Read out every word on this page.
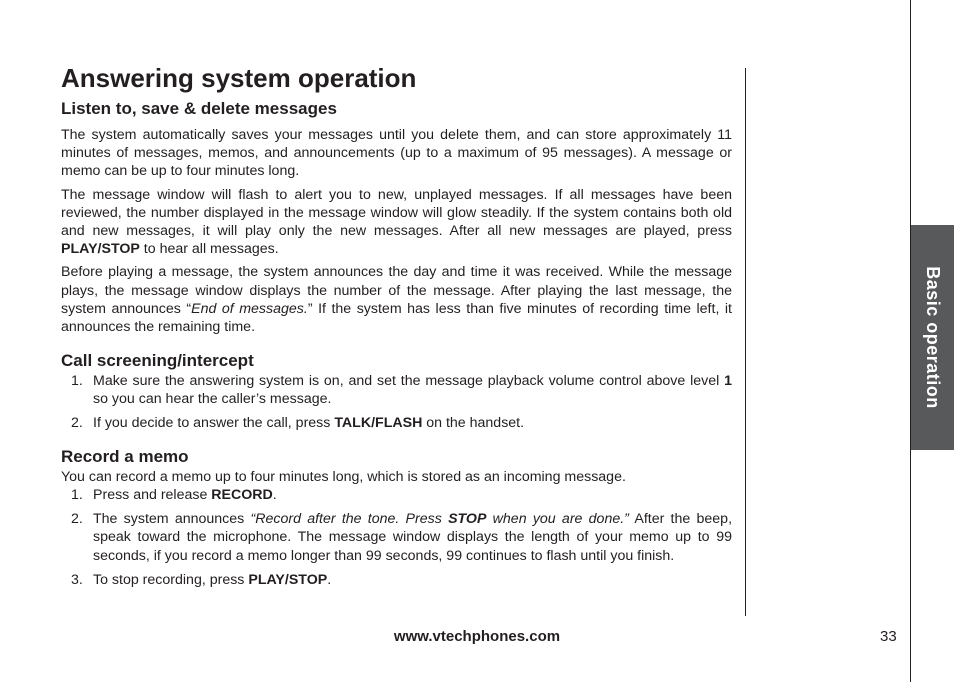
Answering system operation
Listen to, save & delete messages

The system automatically saves your messages until you delete them, and can store approximately 11 minutes of messages, memos, and announcements (up to a maximum of 95 messages). A message or memo can be up to four minutes long.

The message window will flash to alert you to new, unplayed messages. If all messages have been reviewed, the number displayed in the message window will glow steadily. If the system contains both old and new messages, it will play only the new messages. After all new messages are played, press PLAY/STOP to hear all messages.

Before playing a message, the system announces the day and time it was received. While the message plays, the message window displays the number of the message. After playing the last message, the system announces “End of messages.” If the system has less than five minutes of recording time left, it announces the remaining time.

Call screening/intercept
1. Make sure the answering system is on, and set the message playback volume control above level 1 so you can hear the caller’s message.
2. If you decide to answer the call, press TALK/FLASH on the handset.
Record a memo

You can record a memo up to four minutes long, which is stored as an incoming message.

1. Press and release RECORD.
2. The system announces “Record after the tone. Press STOP when you are done.” After the beep, speak toward the microphone. The message window displays the length of your memo up to 99 seconds, if you record a memo longer than 99 seconds, 99 continues to flash until you finish.
3. To stop recording, press PLAY/STOP.
Basic operation
www.vtechphones.com	33
